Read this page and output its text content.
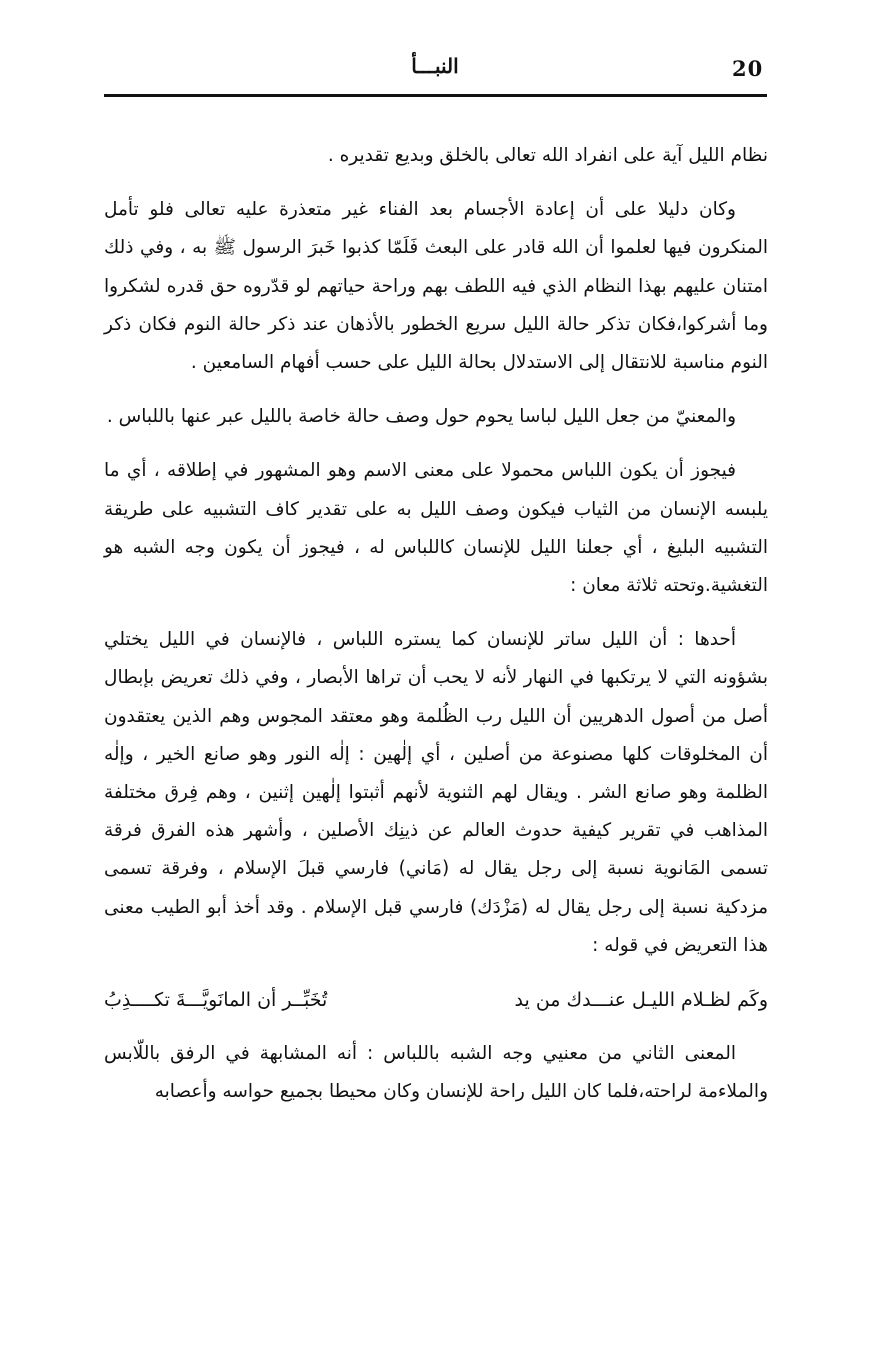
20
النبـــأ

نظام الليل آية على انفراد الله تعالى بالخلق وبديع تقديره .

وكان دليلا على أن إعادة الأجسام بعد الفناء غير متعذرة عليه تعالى فلو تأمل المنكرون فيها لعلموا أن الله قادر على البعث فَلَمّا كذبوا خَبرَ الرسول ﷺ به ، وفي ذلك امتنان عليهم بهذا النظام الذي فيه اللطف بهم وراحة حياتهم لو قدّروه حق قدره لشكروا وما أشركوا،فكان تذكر حالة الليل سريع الخطور بالأذهان عند ذكر حالة النوم فكان ذكر النوم مناسبة للانتقال إلى الاستدلال بحالة الليل على حسب أفهام السامعين .

والمعنيّ من جعل الليل لباسا يحوم حول وصف حالة خاصة بالليل عبر عنها باللباس .

فيجوز أن يكون اللباس محمولا على معنى الاسم وهو المشهور في إطلاقه ، أي ما يلبسه الإنسان من الثياب فيكون وصف الليل به على تقدير كاف التشبيه على طريقة التشبيه البليغ ، أي جعلنا الليل للإنسان كاللباس له ، فيجوز أن يكون وجه الشبه هو التغشية.وتحته ثلاثة معان :

أحدها : أن الليل ساتر للإنسان كما يستره اللباس ، فالإنسان في الليل يختلي بشؤونه التي لا يرتكبها في النهار لأنه لا يحب أن تراها الأبصار ، وفي ذلك تعريض بإبطال أصل من أصول الدهريين أن الليل رب الظُلمة وهو معتقد المجوس وهم الذين يعتقدون أن المخلوقات كلها مصنوعة من أصلين ، أي إلٰهين : إلٰه النور وهو صانع الخير ، وإلٰه الظلمة وهو صانع الشر . ويقال لهم الثنوية لأنهم أثبتوا إلٰهين إثنين ، وهم فِرق مختلفة المذاهب في تقرير كيفية حدوث العالم عن ذينِك الأصلين ، وأشهر هذه الفرق فرقة تسمى المَانوية نسبة إلى رجل يقال له (مَاني) فارسي قبلَ الإسلام ، وفرقة تسمى مزدكية نسبة إلى رجل يقال له (مَزْدَك) فارسي قبل الإسلام . وقد أخذ أبو الطيب معنى هذا التعريض في قوله :

وكَم لظـلام الليـل عنـــدك من يد
تُخَبِّــر أن المانَويَّـــةَ تكــــذِبُ

المعنى الثاني من معنيي وجه الشبه باللباس : أنه المشابهة في الرفق باللّابس والملاءمة لراحته،فلما كان الليل راحة للإنسان وكان محيطا بجميع حواسه وأعصابه
